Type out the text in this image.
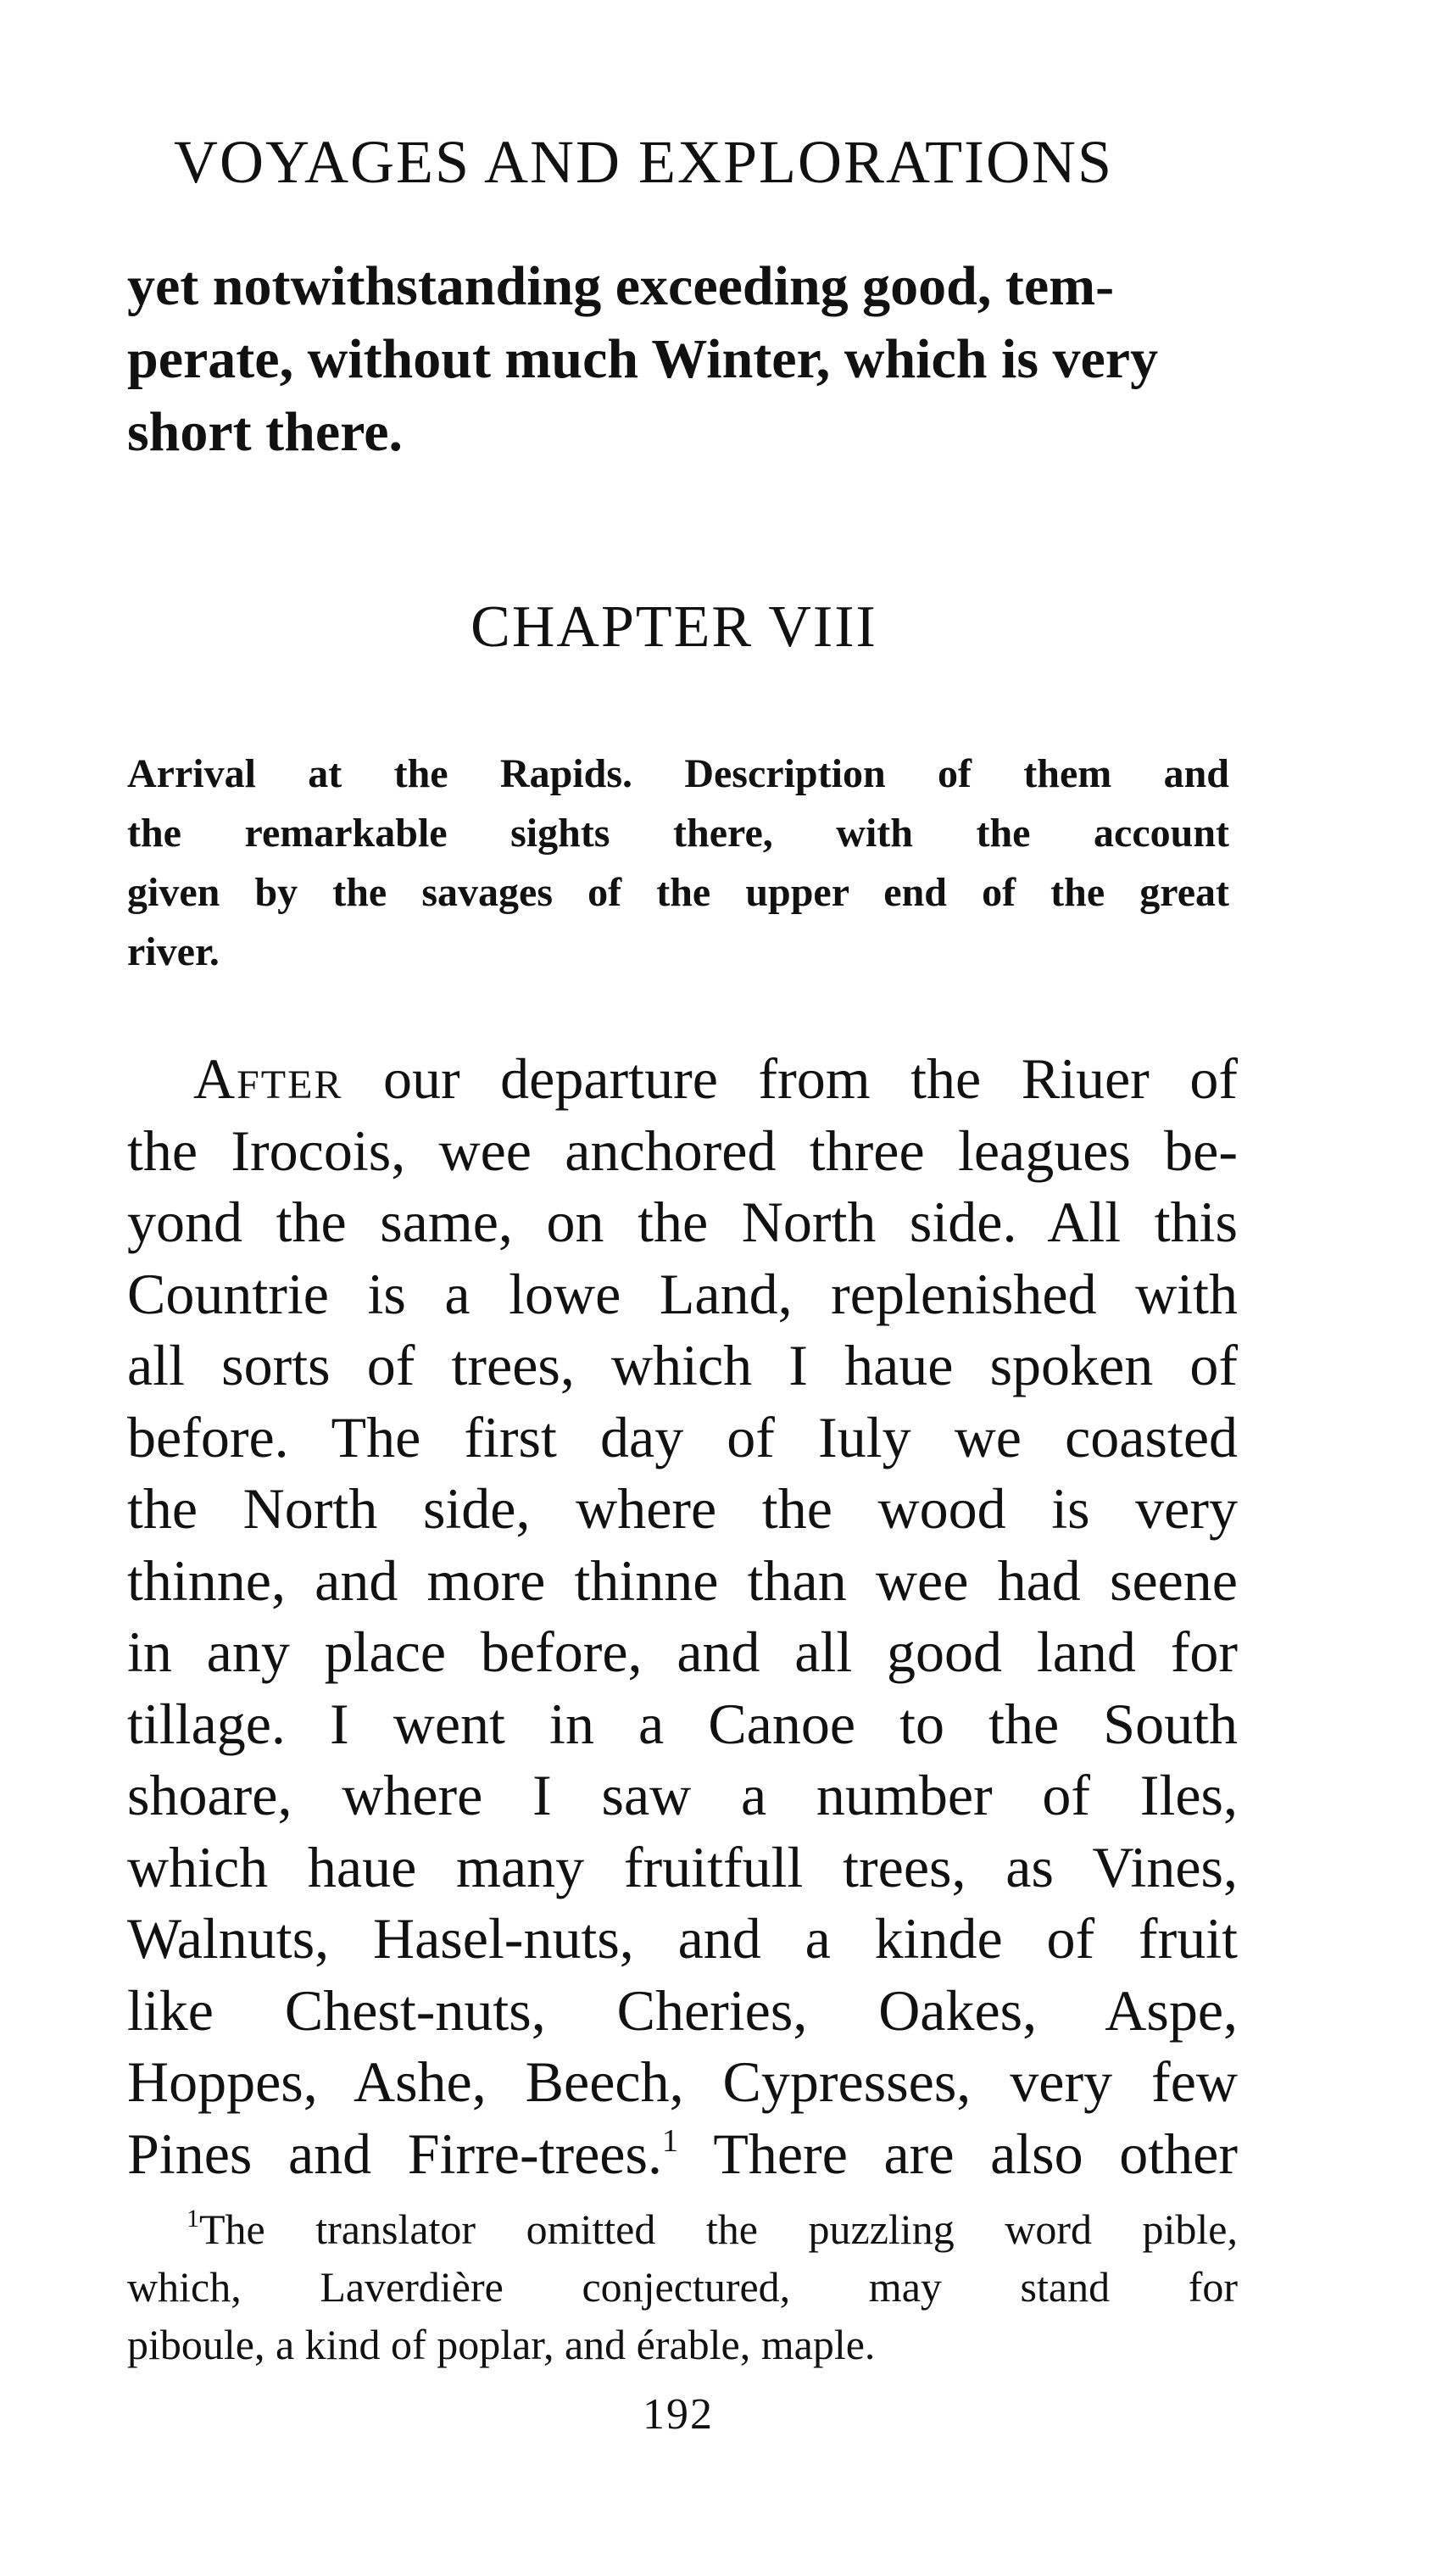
VOYAGES AND EXPLORATIONS
yet notwithstanding exceeding good, tem-
perate, without much Winter, which is very
short there.
CHAPTER VIII
Arrival at the Rapids. Description of them and
the remarkable sights there, with the account
given by the savages of the upper end of the great
river.
After our departure from the Riuer of
the Irocois, wee anchored three leagues be-
yond the same, on the North side. All this
Countrie is a lowe Land, replenished with
all sorts of trees, which I haue spoken of
before. The first day of Iuly we coasted
the North side, where the wood is very
thinne, and more thinne than wee had seene
in any place before, and all good land for
tillage. I went in a Canoe to the South
shoare, where I saw a number of Iles,
which haue many fruitfull trees, as Vines,
Walnuts, Hasel-nuts, and a kinde of fruit
like Chest-nuts, Cheries, Oakes, Aspe,
Hoppes, Ashe, Beech, Cypresses, very few
Pines and Firre-trees.$^1$ There are also other
$^1$The translator omitted the puzzling word pible,
which, Laverdière conjectured, may stand for
piboule, a kind of poplar, and érable, maple.
192
